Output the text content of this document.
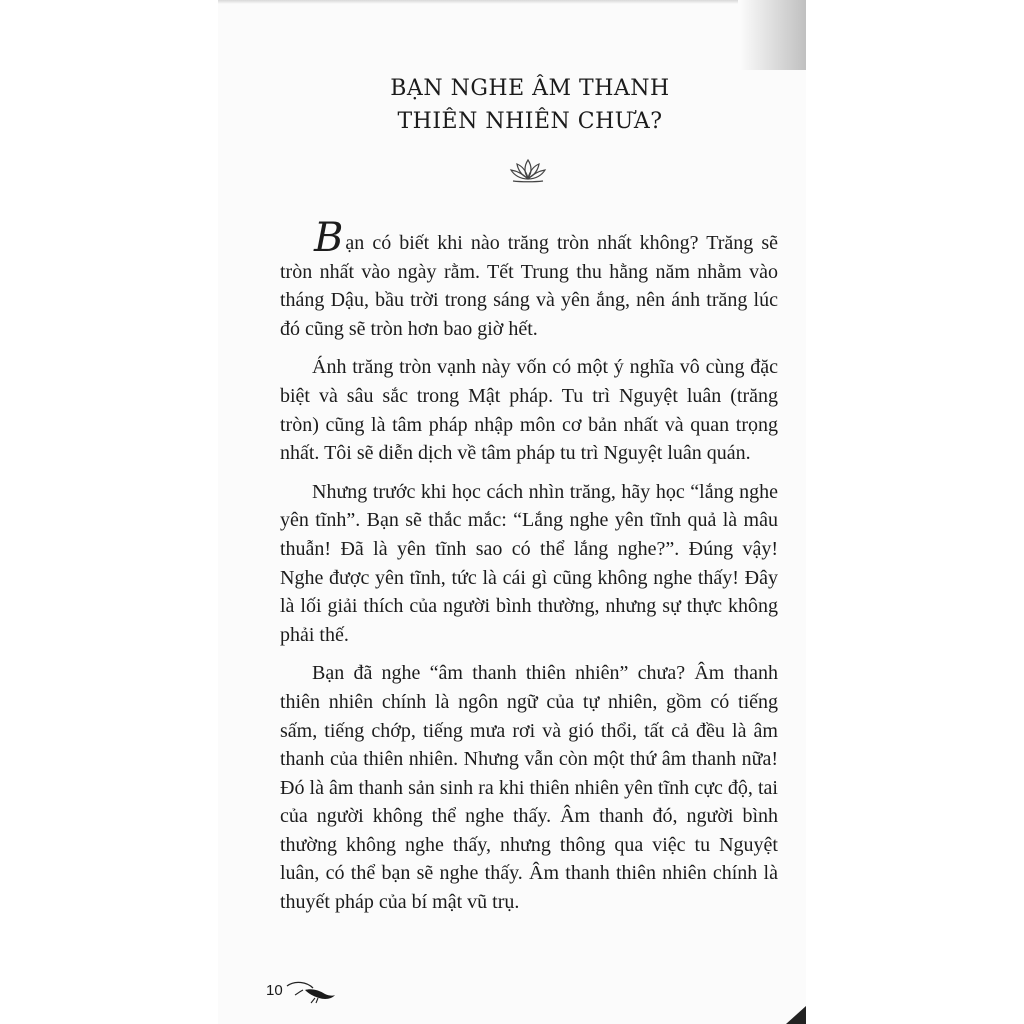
BẠN NGHE ÂM THANH
THIÊN NHIÊN CHƯA?

Bạn có biết khi nào trăng tròn nhất không? Trăng sẽ tròn nhất vào ngày rằm. Tết Trung thu hằng năm nhằm vào tháng Dậu, bầu trời trong sáng và yên ắng, nên ánh trăng lúc đó cũng sẽ tròn hơn bao giờ hết.

Ánh trăng tròn vạnh này vốn có một ý nghĩa vô cùng đặc biệt và sâu sắc trong Mật pháp. Tu trì Nguyệt luân (trăng tròn) cũng là tâm pháp nhập môn cơ bản nhất và quan trọng nhất. Tôi sẽ diễn dịch về tâm pháp tu trì Nguyệt luân quán.

Nhưng trước khi học cách nhìn trăng, hãy học “lắng nghe yên tĩnh”. Bạn sẽ thắc mắc: “Lắng nghe yên tĩnh quả là mâu thuẫn! Đã là yên tĩnh sao có thể lắng nghe?”. Đúng vậy! Nghe được yên tĩnh, tức là cái gì cũng không nghe thấy! Đây là lối giải thích của người bình thường, nhưng sự thực không phải thế.

Bạn đã nghe “âm thanh thiên nhiên” chưa? Âm thanh thiên nhiên chính là ngôn ngữ của tự nhiên, gồm có tiếng sấm, tiếng chớp, tiếng mưa rơi và gió thổi, tất cả đều là âm thanh của thiên nhiên. Nhưng vẫn còn một thứ âm thanh nữa! Đó là âm thanh sản sinh ra khi thiên nhiên yên tĩnh cực độ, tai của người không thể nghe thấy. Âm thanh đó, người bình thường không nghe thấy, nhưng thông qua việc tu Nguyệt luân, có thể bạn sẽ nghe thấy. Âm thanh thiên nhiên chính là thuyết pháp của bí mật vũ trụ.

10
